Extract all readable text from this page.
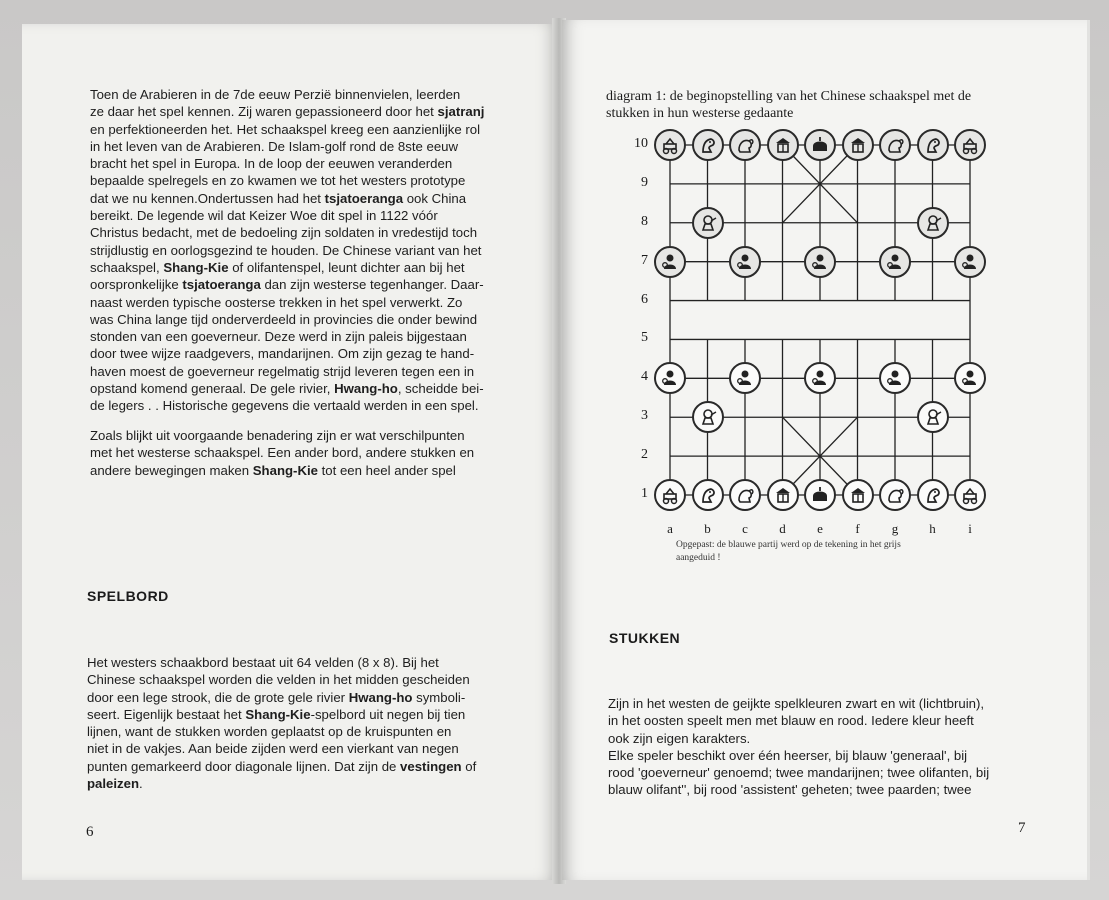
Toen de Arabieren in de 7de eeuw Perzië binnenvielen, leerden
ze daar het spel kennen. Zij waren gepassioneerd door het sjatranj
en perfektioneerden het. Het schaakspel kreeg een aanzienlijke rol
in het leven van de Arabieren. De Islam-golf rond de 8ste eeuw
bracht het spel in Europa. In de loop der eeuwen veranderden
bepaalde spelregels en zo kwamen we tot het westers prototype
dat we nu kennen.Ondertussen had het tsjatoeranga ook China
bereikt. De legende wil dat Keizer Woe dit spel in 1122 vóór
Christus bedacht, met de bedoeling zijn soldaten in vredestijd toch
strijdlustig en oorlogsgezind te houden. De Chinese variant van het
schaakspel, Shang-Kie of olifantenspel, leunt dichter aan bij het
oorspronkelijke tsjatoeranga dan zijn westerse tegenhanger. Daar-
naast werden typische oosterse trekken in het spel verwerkt. Zo
was China lange tijd onderverdeeld in provincies die onder bewind
stonden van een goeverneur. Deze werd in zijn paleis bijgestaan
door twee wijze raadgevers, mandarijnen. Om zijn gezag te hand-
haven moest de goeverneur regelmatig strijd leveren tegen een in
opstand komend generaal. De gele rivier, Hwang-ho, scheidde bei-
de legers . . Historische gegevens die vertaald werden in een spel.
Zoals blijkt uit voorgaande benadering zijn er wat verschilpunten
met het westerse schaakspel. Een ander bord, andere stukken en
andere bewegingen maken Shang-Kie tot een heel ander spel
SPELBORD
Het westers schaakbord bestaat uit 64 velden (8 x 8). Bij het
Chinese schaakspel worden die velden in het midden gescheiden
door een lege strook, die de grote gele rivier Hwang-ho symboli-
seert. Eigenlijk bestaat het Shang-Kie-spelbord uit negen bij tien
lijnen, want de stukken worden geplaatst op de kruispunten en
niet in de vakjes. Aan beide zijden werd een vierkant van negen
punten gemarkeerd door diagonale lijnen. Dat zijn de vestingen of
paleizen.
6

diagram 1: de beginopstelling van het Chinese schaakspel met de

stukken in hun westerse gedaante

10
9
8
7
6
5
4
3
2
1
a	b	c	d	e	f	g h	i

Opgepast: de blauwe partij werd op de tekening in het grijs

aangeduid !

STUKKEN
Zijn in het westen de geijkte spelkleuren zwart en wit (lichtbruin),
in het oosten speelt men met blauw en rood. Iedere kleur heeft
ook zijn eigen karakters.
Elke speler beschikt over één heerser, bij blauw 'generaal', bij
rood 'goeverneur' genoemd; twee mandarijnen; twee olifanten, bij
blauw olifant'', bij rood 'assistent' geheten; twee paarden; twee
7
